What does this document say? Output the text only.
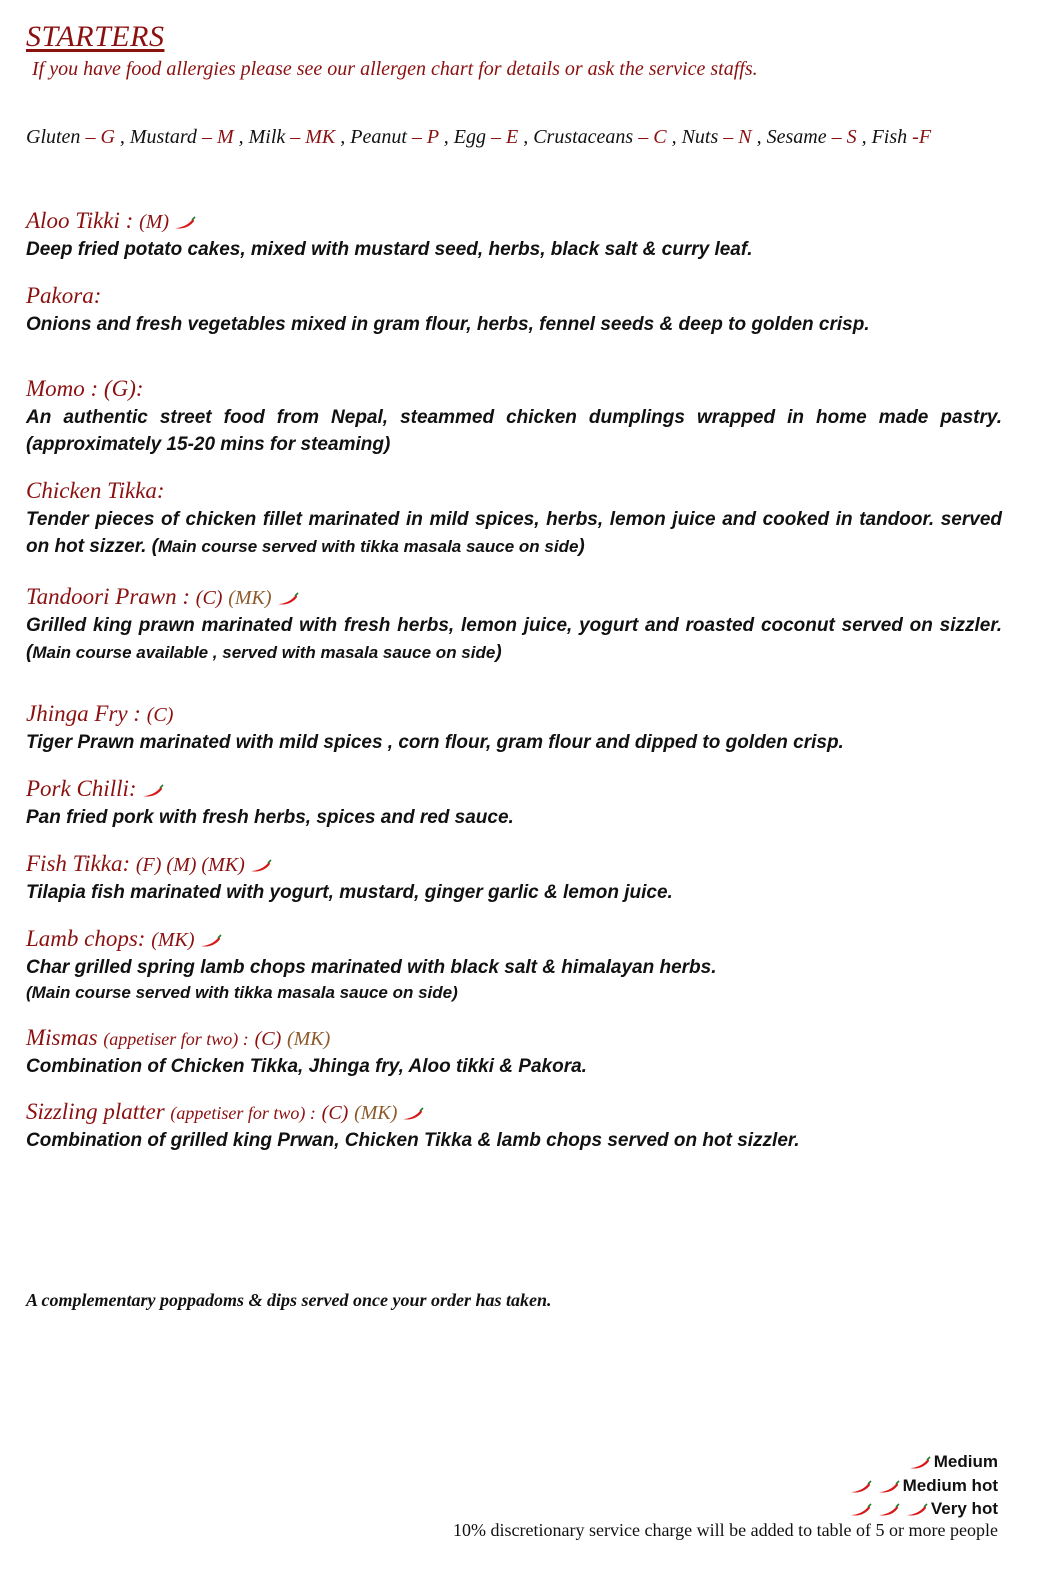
STARTERS
If you have food allergies please see our allergen chart for details or ask the service staffs.
Gluten – G , Mustard – M , Milk – MK , Peanut – P , Egg – E , Crustaceans – C , Nuts – N , Sesame – S , Fish -F
Aloo Tikki : (M)
Deep fried potato cakes, mixed with mustard seed, herbs, black salt & curry leaf.
Pakora:
Onions and fresh vegetables mixed in gram flour, herbs, fennel seeds & deep to golden crisp.
Momo : (G):
An authentic street food from Nepal, steammed chicken dumplings wrapped in home made pastry.(approximately 15-20 mins for steaming)
Chicken Tikka:
Tender pieces of chicken fillet marinated in mild spices, herbs, lemon juice and cooked in tandoor. served on hot sizzer. (Main course served with tikka masala sauce on side)
Tandoori Prawn : (C) (MK)
Grilled king prawn marinated with fresh herbs, lemon juice, yogurt and roasted coconut served on sizzler. (Main course available , served with masala sauce on side)
Jhinga Fry : (C)
Tiger Prawn marinated with mild spices , corn flour, gram flour and dipped to golden crisp.
Pork Chilli:
Pan fried pork with fresh herbs, spices and red sauce.
Fish Tikka: (F) (M) (MK)
Tilapia fish marinated with yogurt, mustard, ginger garlic & lemon juice.
Lamb chops: (MK)
Char grilled spring lamb chops marinated with black salt & himalayan herbs.
(Main course served with tikka masala sauce on side)
Mismas (appetiser for two) : (C) (MK)
Combination of Chicken Tikka, Jhinga fry, Aloo tikki & Pakora.
Sizzling platter (appetiser for two) : (C) (MK)
Combination of grilled king Prwan, Chicken Tikka & lamb chops served on hot sizzler.
A complementary poppadoms & dips served once your order has taken.
Medium
Medium hot
Very hot
10% discretionary service charge will be added to table of 5 or more people
